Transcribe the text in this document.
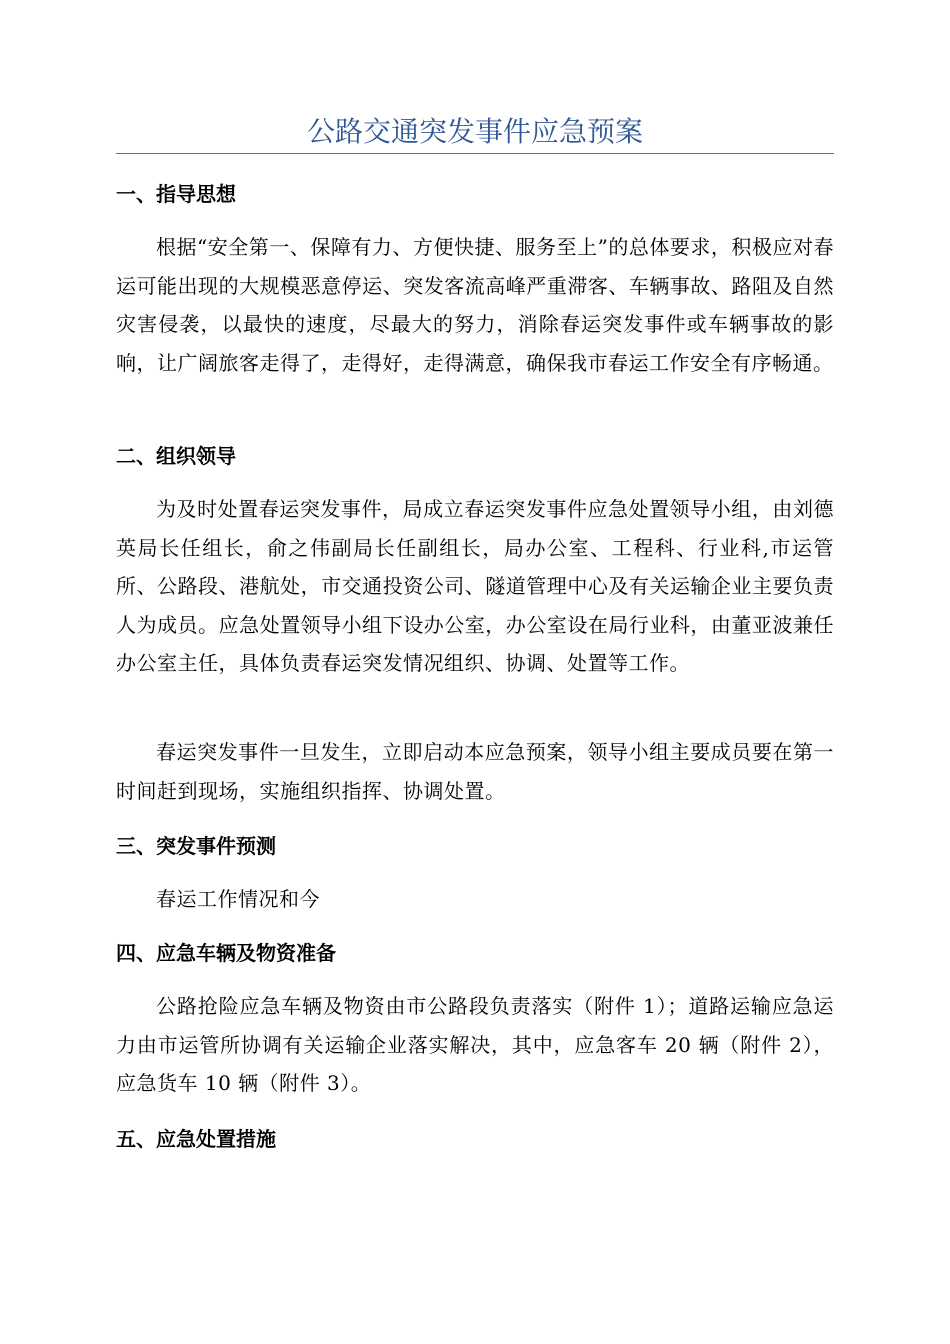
公路交通突发事件应急预案
一、指导思想
根据“安全第一、保障有力、方便快捷、服务至上”的总体要求，积极应对春运可能出现的大规模恶意停运、突发客流高峰严重滞客、车辆事故、路阻及自然灾害侵袭，以最快的速度，尽最大的努力，消除春运突发事件或车辆事故的影响，让广阔旅客走得了，走得好，走得满意，确保我市春运工作安全有序畅通。
二、组织领导
为及时处置春运突发事件，局成立春运突发事件应急处置领导小组，由刘德英局长任组长，俞之伟副局长任副组长，局办公室、工程科、行业科,市运管所、公路段、港航处，市交通投资公司、隧道管理中心及有关运输企业主要负责人为成员。应急处置领导小组下设办公室，办公室设在局行业科，由董亚波兼任办公室主任，具体负责春运突发情况组织、协调、处置等工作。
春运突发事件一旦发生，立即启动本应急预案，领导小组主要成员要在第一时间赶到现场，实施组织指挥、协调处置。
三、突发事件预测
春运工作情况和今
四、应急车辆及物资准备
公路抢险应急车辆及物资由市公路段负责落实（附件 1）；道路运输应急运力由市运管所协调有关运输企业落实解决，其中，应急客车 20 辆（附件 2），应急货车 10 辆（附件 3）。
五、应急处置措施
